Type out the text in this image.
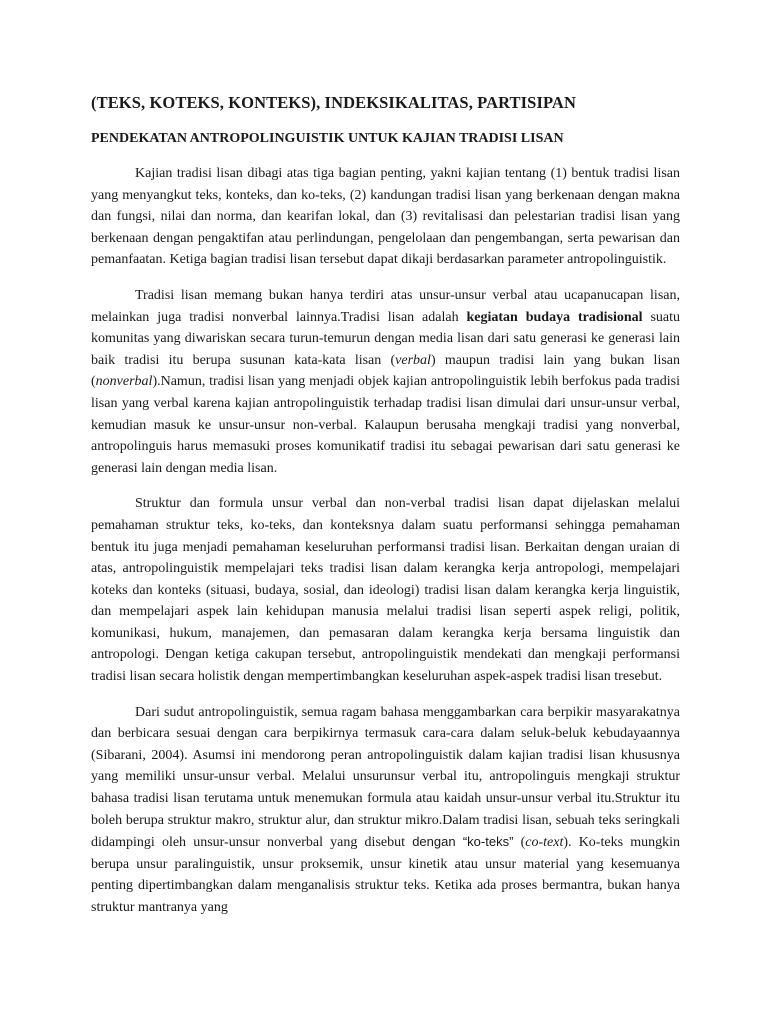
(TEKS, KOTEKS, KONTEKS), INDEKSIKALITAS, PARTISIPAN
PENDEKATAN ANTROPOLINGUISTIK UNTUK KAJIAN TRADISI LISAN

Kajian tradisi lisan dibagi atas tiga bagian penting, yakni kajian tentang (1) bentuk tradisi lisan yang menyangkut teks, konteks, dan ko-teks, (2) kandungan tradisi lisan yang berkenaan dengan makna dan fungsi, nilai dan norma, dan kearifan lokal, dan (3) revitalisasi dan pelestarian tradisi lisan yang berkenaan dengan pengaktifan atau perlindungan, pengelolaan dan pengembangan, serta pewarisan dan pemanfaatan. Ketiga bagian tradisi lisan tersebut dapat dikaji berdasarkan parameter antropolinguistik.

Tradisi lisan memang bukan hanya terdiri atas unsur-unsur verbal atau ucapanucapan lisan, melainkan juga tradisi nonverbal lainnya.Tradisi lisan adalah kegiatan budaya tradisional suatu komunitas yang diwariskan secara turun-temurun dengan media lisan dari satu generasi ke generasi lain baik tradisi itu berupa susunan kata-kata lisan (verbal) maupun tradisi lain yang bukan lisan (nonverbal).Namun, tradisi lisan yang menjadi objek kajian antropolinguistik lebih berfokus pada tradisi lisan yang verbal karena kajian antropolinguistik terhadap tradisi lisan dimulai dari unsur-unsur verbal, kemudian masuk ke unsur-unsur non-verbal. Kalaupun berusaha mengkaji tradisi yang nonverbal, antropolinguis harus memasuki proses komunikatif tradisi itu sebagai pewarisan dari satu generasi ke generasi lain dengan media lisan.

Struktur dan formula unsur verbal dan non-verbal tradisi lisan dapat dijelaskan melalui pemahaman struktur teks, ko-teks, dan konteksnya dalam suatu performansi sehingga pemahaman bentuk itu juga menjadi pemahaman keseluruhan performansi tradisi lisan. Berkaitan dengan uraian di atas, antropolinguistik mempelajari teks tradisi lisan dalam kerangka kerja antropologi, mempelajari koteks dan konteks (situasi, budaya, sosial, dan ideologi) tradisi lisan dalam kerangka kerja linguistik, dan mempelajari aspek lain kehidupan manusia melalui tradisi lisan seperti aspek religi, politik, komunikasi, hukum, manajemen, dan pemasaran dalam kerangka kerja bersama linguistik dan antropologi. Dengan ketiga cakupan tersebut, antropolinguistik mendekati dan mengkaji performansi tradisi lisan secara holistik dengan mempertimbangkan keseluruhan aspek-aspek tradisi lisan tresebut.

Dari sudut antropolinguistik, semua ragam bahasa menggambarkan cara berpikir masyarakatnya dan berbicara sesuai dengan cara berpikirnya termasuk cara-cara dalam seluk-beluk kebudayaannya (Sibarani, 2004). Asumsi ini mendorong peran antropolinguistik dalam kajian tradisi lisan khususnya yang memiliki unsur-unsur verbal. Melalui unsurunsur verbal itu, antropolinguis mengkaji struktur bahasa tradisi lisan terutama untuk menemukan formula atau kaidah unsur-unsur verbal itu.Struktur itu boleh berupa struktur makro, struktur alur, dan struktur mikro.Dalam tradisi lisan, sebuah teks seringkali didampingi oleh unsur-unsur nonverbal yang disebut dengan “ko-teks” (co-text). Ko-teks mungkin berupa unsur paralinguistik, unsur proksemik, unsur kinetik atau unsur material yang kesemuanya penting dipertimbangkan dalam menganalisis struktur teks. Ketika ada proses bermantra, bukan hanya struktur mantranya yang
